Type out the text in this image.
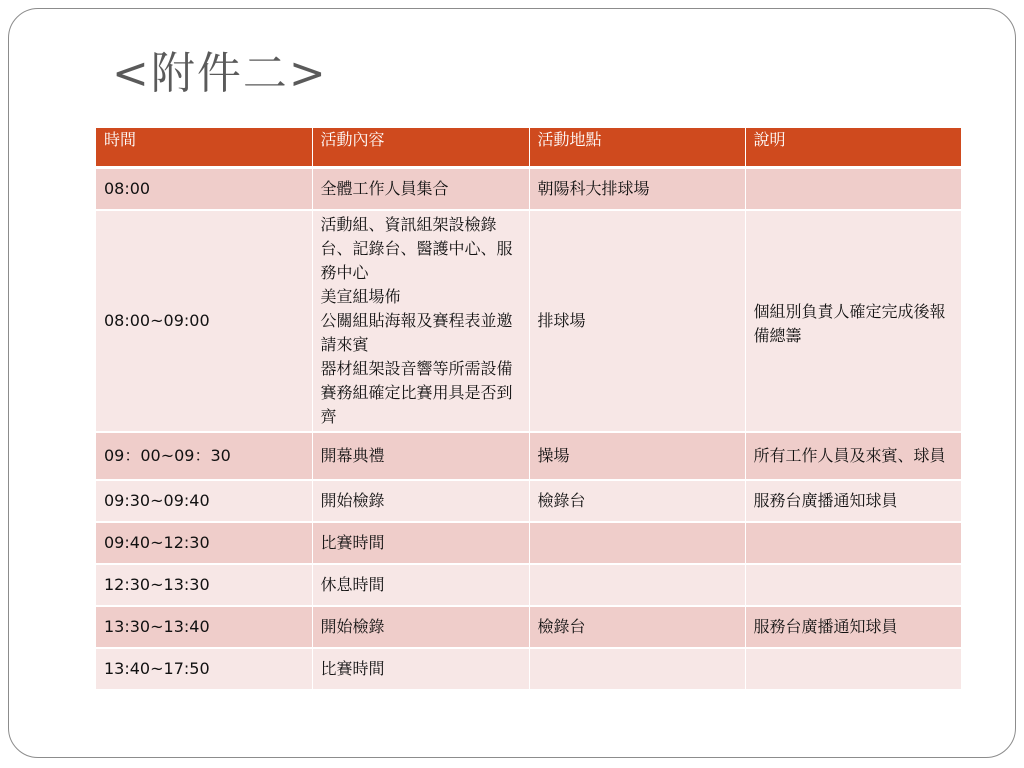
<附件二>
時間	活動內容	活動地點	說明
08:00	全體工作人員集合	朝陽科大排球場	
08:00~09:00	活動組、資訊組架設檢錄台、記錄台、醫護中心、服務中心
美宣組場佈
公關組貼海報及賽程表並邀請來賓
器材組架設音響等所需設備
賽務組確定比賽用具是否到齊	排球場	個組別負責人確定完成後報備總籌
09：00~09：30	開幕典禮	操場	所有工作人員及來賓、球員
09:30~09:40	開始檢錄	檢錄台	服務台廣播通知球員
09:40~12:30	比賽時間		
12:30~13:30	休息時間		
13:30~13:40	開始檢錄	檢錄台	服務台廣播通知球員
13:40~17:50	比賽時間		
